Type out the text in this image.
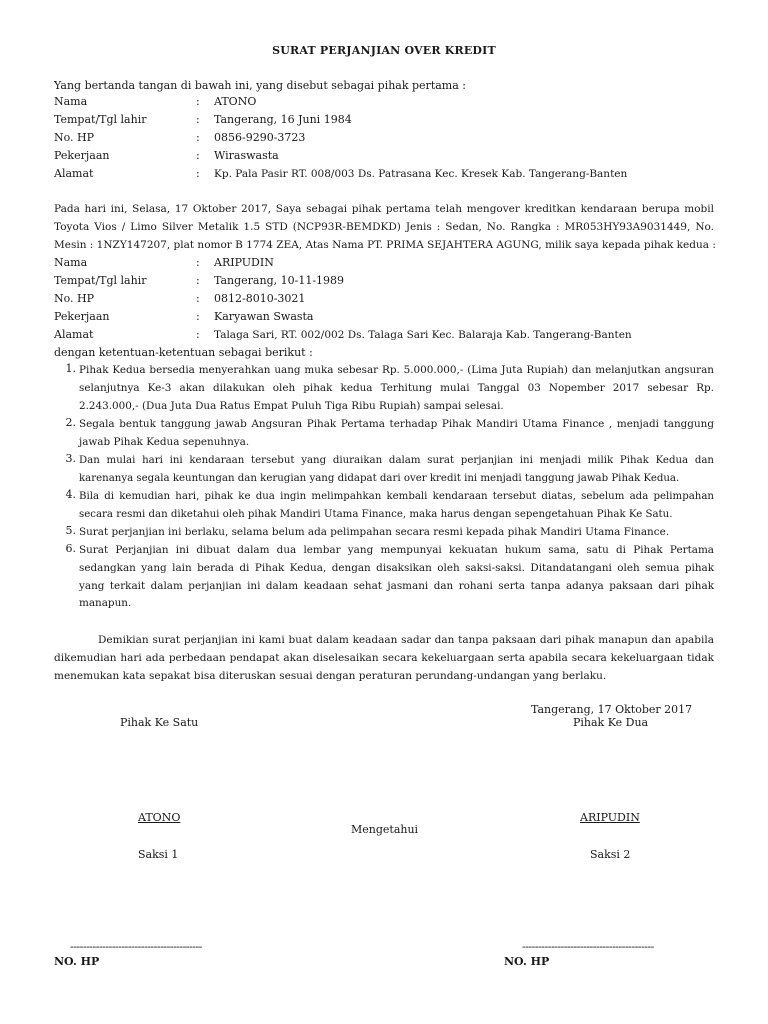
SURAT PERJANJIAN OVER KREDIT
Yang bertanda tangan di bawah ini, yang disebut sebagai pihak pertama :
Nama	: ATONO
Tempat/Tgl lahir	: Tangerang, 16 Juni 1984
No. HP	: 0856-9290-3723
Pekerjaan	: Wiraswasta
Alamat	: Kp. Pala Pasir RT. 008/003 Ds. Patrasana Kec. Kresek Kab. Tangerang-Banten
Pada hari ini, Selasa, 17 Oktober 2017, Saya sebagai pihak pertama telah mengover kreditkan kendaraan berupa mobil
Toyota Vios / Limo Silver Metalik 1.5 STD (NCP93R-BEMDKD) Jenis : Sedan, No. Rangka : MR053HY93A9031449, No.
Mesin : 1NZY147207, plat nomor B 1774 ZEA, Atas Nama PT. PRIMA SEJAHTERA AGUNG, milik saya kepada pihak kedua :
Nama	: ARIPUDIN
Tempat/Tgl lahir	: Tangerang, 10-11-1989
No. HP	: 0812-8010-3021
Pekerjaan	: Karyawan Swasta
Alamat	: Talaga Sari, RT. 002/002 Ds. Talaga Sari Kec. Balaraja Kab. Tangerang-Banten
dengan ketentuan-ketentuan sebagai berikut :
1. Pihak Kedua bersedia menyerahkan uang muka sebesar Rp. 5.000.000,- (Lima Juta Rupiah) dan melanjutkan angsuran
selanjutnya Ke-3 akan dilakukan oleh pihak kedua Terhitung mulai Tanggal 03 Nopember 2017 sebesar Rp.
2.243.000,- (Dua Juta Dua Ratus Empat Puluh Tiga Ribu Rupiah) sampai selesai.
2. Segala bentuk tanggung jawab Angsuran Pihak Pertama terhadap Pihak Mandiri Utama Finance , menjadi tanggung
jawab Pihak Kedua sepenuhnya.
3. Dan mulai hari ini kendaraan tersebut yang diuraikan dalam surat perjanjian ini menjadi milik Pihak Kedua dan
karenanya segala keuntungan dan kerugian yang didapat dari over kredit ini menjadi tanggung jawab Pihak Kedua.
4. Bila di kemudian hari, pihak ke dua ingin melimpahkan kembali kendaraan tersebut diatas, sebelum ada pelimpahan
secara resmi dan diketahui oleh pihak Mandiri Utama Finance, maka harus dengan sepengetahuan Pihak Ke Satu.
5. Surat perjanjian ini berlaku, selama belum ada pelimpahan secara resmi kepada pihak Mandiri Utama Finance.
6. Surat Perjanjian ini dibuat dalam dua lembar yang mempunyai kekuatan hukum sama, satu di Pihak Pertama
sedangkan yang lain berada di Pihak Kedua, dengan disaksikan oleh saksi-saksi. Ditandatangani oleh semua pihak
yang terkait dalam perjanjian ini dalam keadaan sehat jasmani dan rohani serta tanpa adanya paksaan dari pihak
manapun.
Demikian surat perjanjian ini kami buat dalam keadaan sadar dan tanpa paksaan dari pihak manapun dan apabila
dikemudian hari ada perbedaan pendapat akan diselesaikan secara kekeluargaan serta apabila secara kekeluargaan tidak
menemukan kata sepakat bisa diteruskan sesuai dengan peraturan perundang-undangan yang berlaku.
Tangerang, 17 Oktober 2017
Pihak Ke Satu	Pihak Ke Dua
ATONO	ARIPUDIN
Mengetahui
Saksi 1	Saksi 2
-----------------------------------------	-----------------------------------------
NO. HP	NO. HP
